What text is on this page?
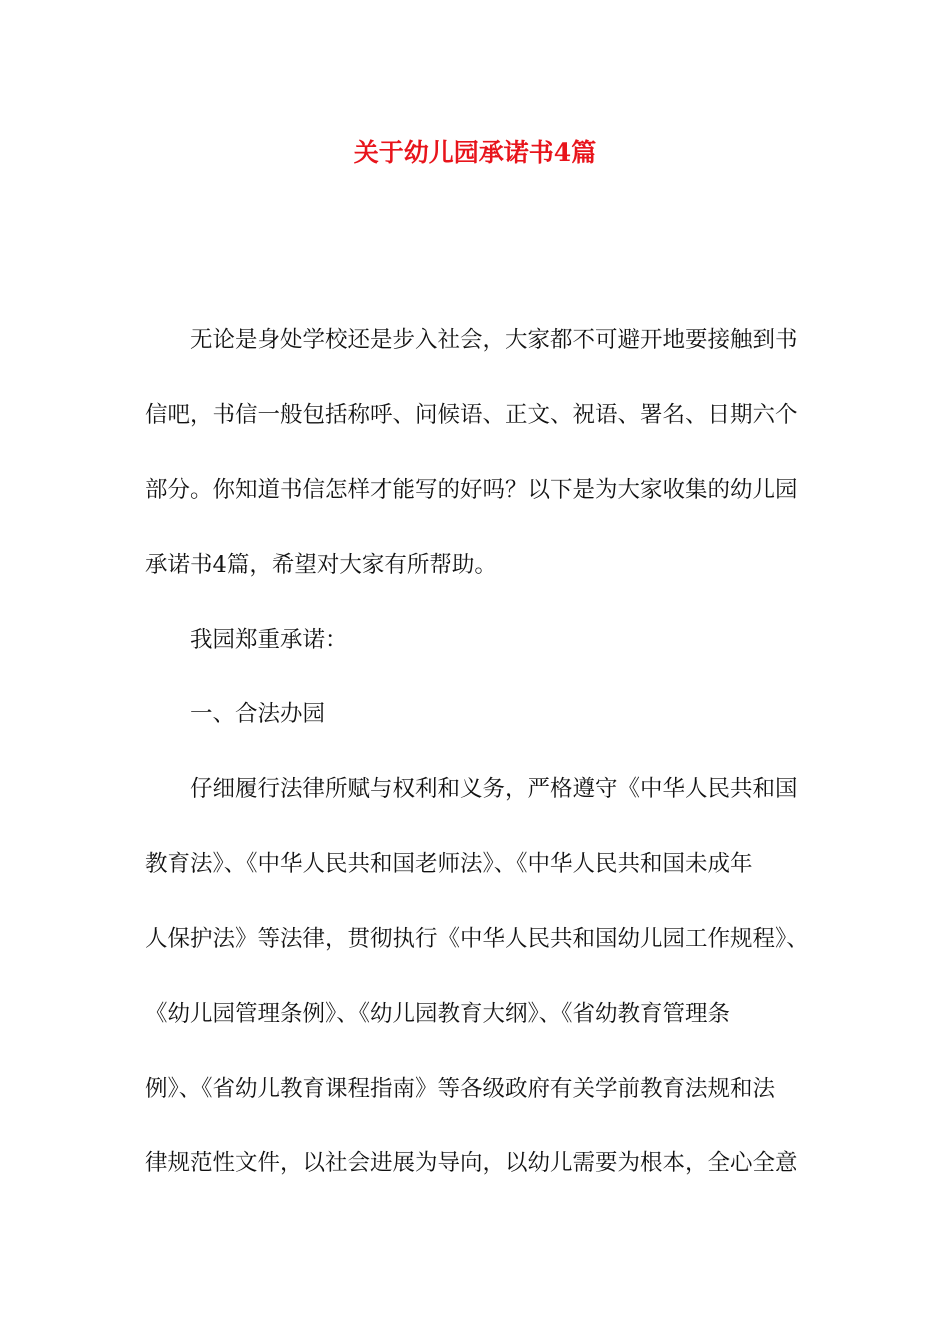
关于幼儿园承诺书4篇
无论是身处学校还是步入社会，大家都不可避开地要接触到书
信吧，书信一般包括称呼、问候语、正文、祝语、署名、日期六个
部分。你知道书信怎样才能写的好吗？以下是为大家收集的幼儿园
承诺书4篇，希望对大家有所帮助。
我园郑重承诺：
一、合法办园
仔细履行法律所赋与权利和义务，严格遵守《中华人民共和国
教育法》、《中华人民共和国老师法》、《中华人民共和国未成年
人保护法》等法律，贯彻执行《中华人民共和国幼儿园工作规程》、
《幼儿园管理条例》、《幼儿园教育大纲》、《省幼教育管理条
例》、《省幼儿教育课程指南》等各级政府有关学前教育法规和法
律规范性文件，以社会进展为导向，以幼儿需要为根本，全心全意
